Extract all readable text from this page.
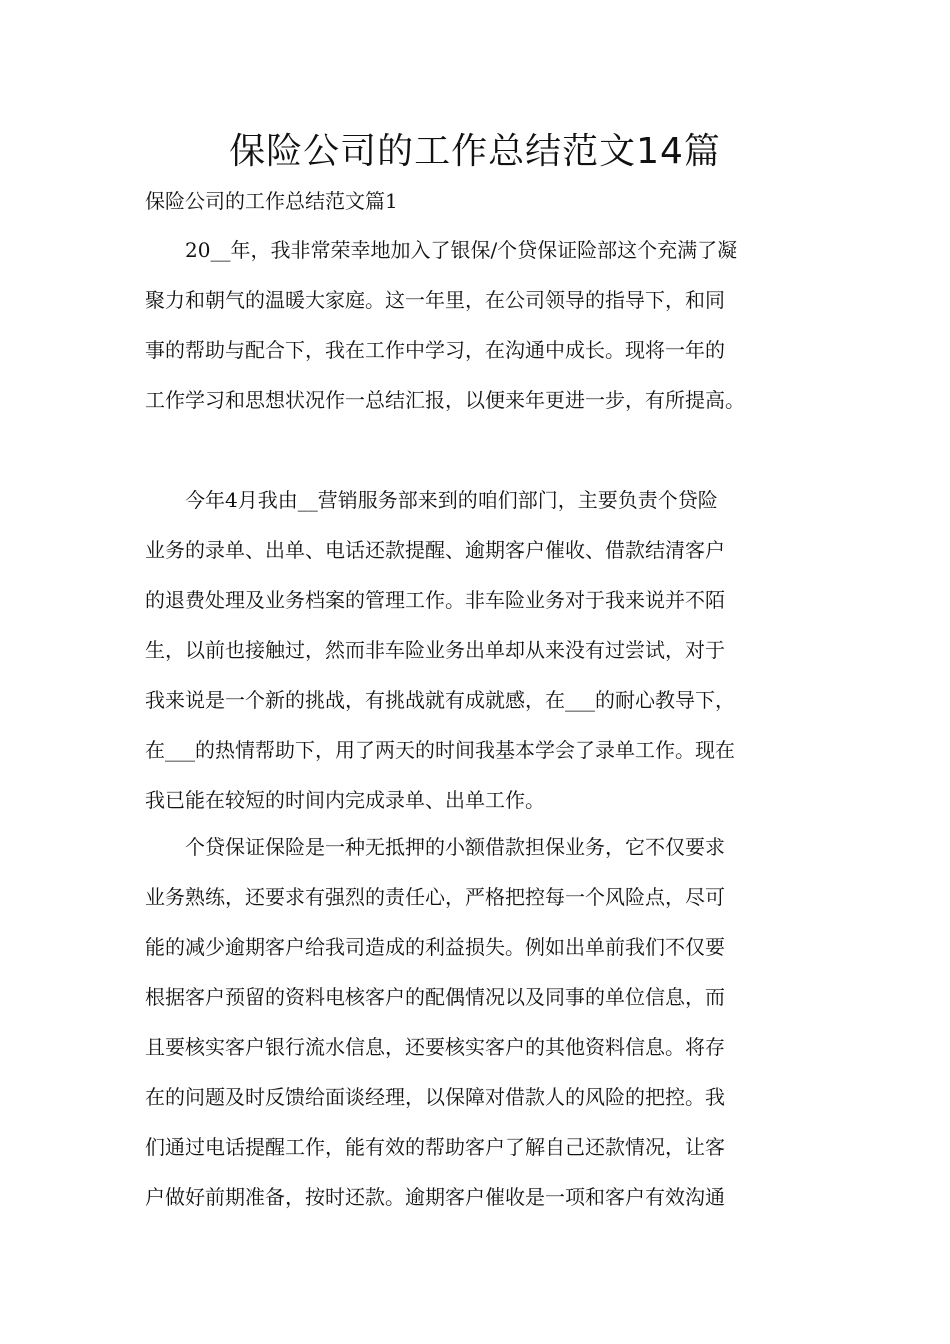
保险公司的工作总结范文14篇

保险公司的工作总结范文篇1

　　20__年，我非常荣幸地加入了银保/个贷保证险部这个充满了凝
聚力和朝气的温暖大家庭。这一年里，在公司领导的指导下，和同
事的帮助与配合下，我在工作中学习，在沟通中成长。现将一年的
工作学习和思想状况作一总结汇报，以便来年更进一步，有所提高。
　　今年4月我由__营销服务部来到的咱们部门，主要负责个贷险
业务的录单、出单、电话还款提醒、逾期客户催收、借款结清客户
的退费处理及业务档案的管理工作。非车险业务对于我来说并不陌
生，以前也接触过，然而非车险业务出单却从来没有过尝试，对于
我来说是一个新的挑战，有挑战就有成就感，在___的耐心教导下，
在___的热情帮助下，用了两天的时间我基本学会了录单工作。现在
我已能在较短的时间内完成录单、出单工作。
　　个贷保证保险是一种无抵押的小额借款担保业务，它不仅要求
业务熟练，还要求有强烈的责任心，严格把控每一个风险点，尽可
能的减少逾期客户给我司造成的利益损失。例如出单前我们不仅要
根据客户预留的资料电核客户的配偶情况以及同事的单位信息，而
且要核实客户银行流水信息，还要核实客户的其他资料信息。将存
在的问题及时反馈给面谈经理，以保障对借款人的风险的把控。我
们通过电话提醒工作，能有效的帮助客户了解自己还款情况，让客
户做好前期准备，按时还款。逾期客户催收是一项和客户有效沟通
